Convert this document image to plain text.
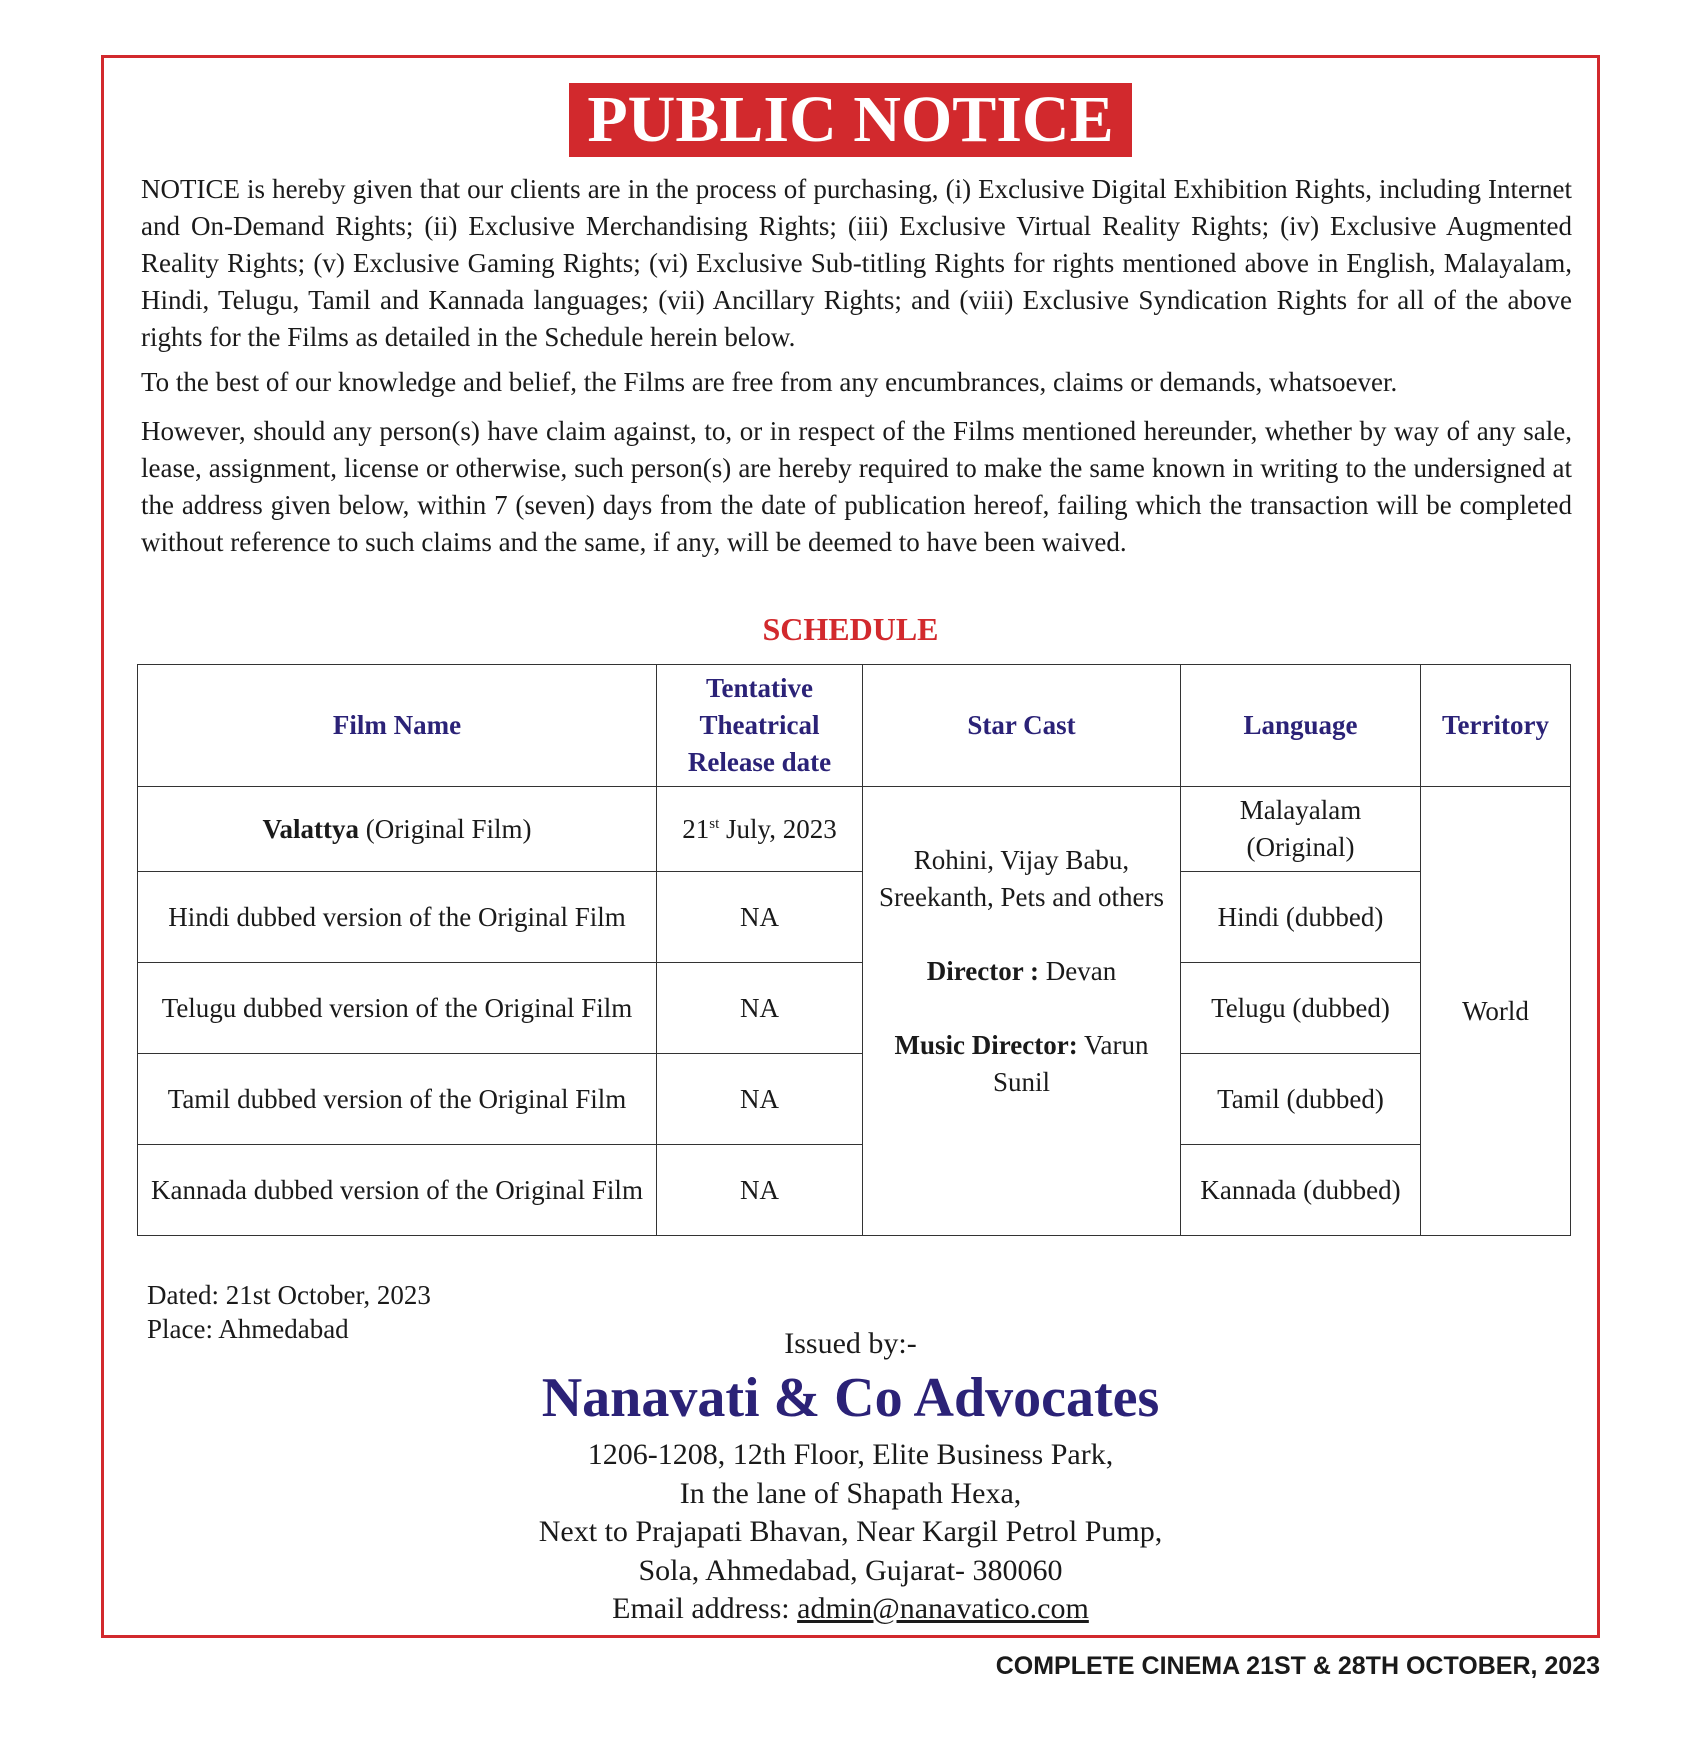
PUBLIC NOTICE

NOTICE is hereby given that our clients are in the process of purchasing, (i) Exclusive Digital Exhibition Rights, including Internet and On-Demand Rights; (ii) Exclusive Merchandising Rights; (iii) Exclusive Virtual Reality Rights; (iv) Exclusive Augmented Reality Rights; (v) Exclusive Gaming Rights; (vi) Exclusive Sub-titling Rights for rights mentioned above in English, Malayalam, Hindi, Telugu, Tamil and Kannada languages; (vii) Ancillary Rights; and (viii) Exclusive Syndication Rights for all of the above rights for the Films as detailed in the Schedule herein below.

To the best of our knowledge and belief, the Films are free from any encumbrances, claims or demands, whatsoever.

However, should any person(s) have claim against, to, or in respect of the Films mentioned hereunder, whether by way of any sale, lease, assignment, license or otherwise, such person(s) are hereby required to make the same known in writing to the undersigned at the address given below, within 7 (seven) days from the date of publication hereof, failing which the transaction will be completed without reference to such claims and the same, if any, will be deemed to have been waived.

SCHEDULE
Film Name	Tentative
Theatrical
Release date	Star Cast	Language	Territory
Valattya (Original Film)	21st July, 2023	Rohini, Vijay Babu, Sreekanth, Pets and others
Director : Devan
Music Director: Varun Sunil	Malayalam (Original)	World
Hindi dubbed version of the Original Film	NA		Hindi (dubbed)	
Telugu dubbed version of the Original Film	NA		Telugu (dubbed)	
Tamil dubbed version of the Original Film	NA		Tamil (dubbed)	
Kannada dubbed version of the Original Film	NA		Kannada (dubbed)	
Dated: 21st October, 2023
Place: Ahmedabad	Issued by:-
Nanavati & Co Advocates
1206-1208, 12th Floor, Elite Business Park,
In the lane of Shapath Hexa,
Next to Prajapati Bhavan, Near Kargil Petrol Pump,
Sola, Ahmedabad, Gujarat- 380060
Email address: admin@nanavatico.com
COMPLETE CINEMA 21ST & 28TH OCTOBER, 2023
